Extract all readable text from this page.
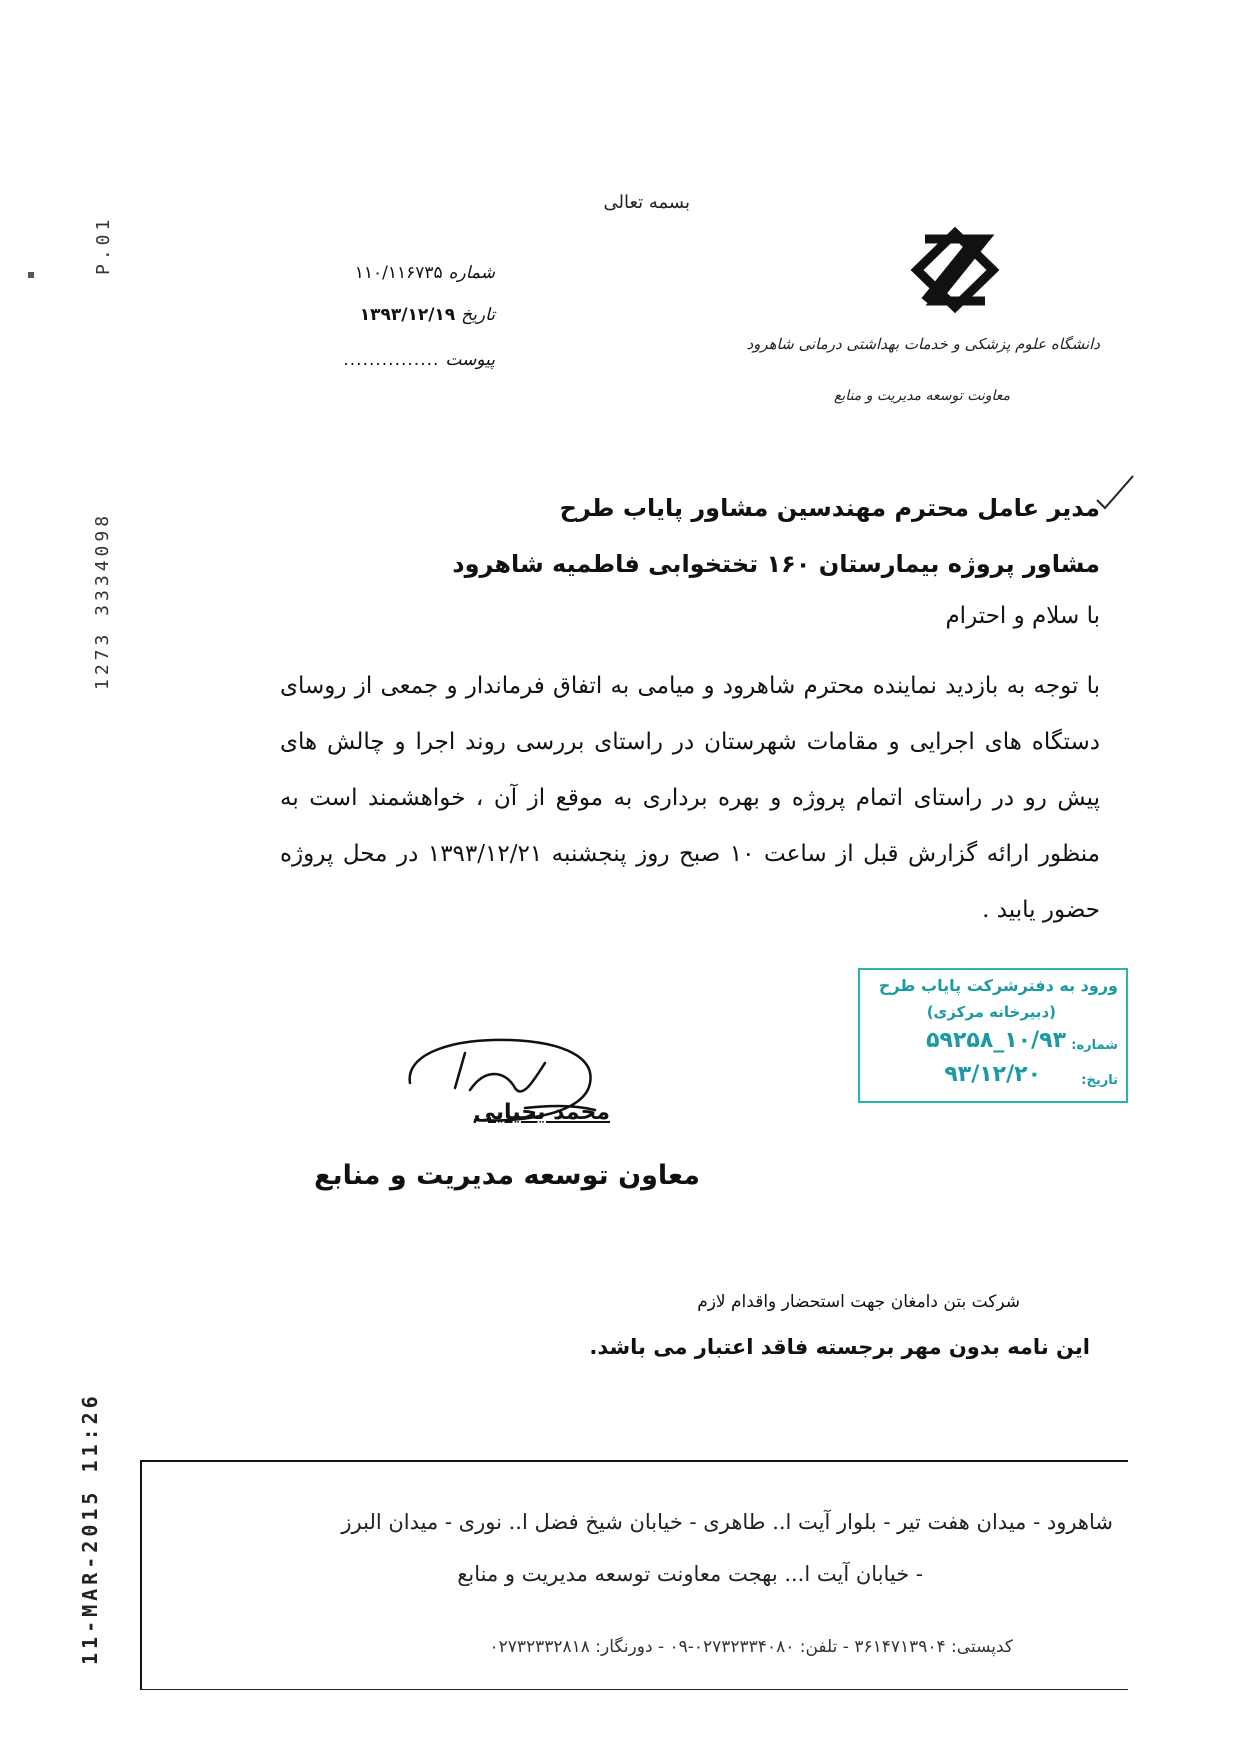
P.01
1273 3334098
11-MAR-2015 11:26
بسمه تعالی
دانشگاه علوم پزشکی و خدمات بهداشتی درمانی شاهرود
معاونت توسعه مدیریت و منابع
شماره
۱۱۰/۱۱۶۷۳۵
تاریخ
۱۳۹۳/۱۲/۱۹
پیوست
...............
مدیر عامل محترم مهندسین مشاور پایاب طرح
مشاور پروژه بیمارستان ۱۶۰ تختخوابی فاطمیه شاهرود
با سلام و احترام
با توجه به بازدید نماینده محترم شاهرود و میامی به اتفاق فرماندار و جمعی از روسای دستگاه های اجرایی و مقامات شهرستان در راستای بررسی روند اجرا و چالش های پیش رو در راستای اتمام پروژه و بهره برداری به موقع از آن ، خواهشمند است به منظور ارائه گزارش قبل از ساعت ۱۰ صبح روز پنجشنبه ۱۳۹۳/۱۲/۲۱ در محل پروژه حضور یابید .
ورود به دفترشرکت پایاب طرح
(دبیرخانه مرکزی)
شماره:
۱۰/۹۳_۵۹۲۵۸
تاریخ:
۹۳/۱۲/۲۰
محمد یحیایی
معاون توسعه مدیریت و منابع
شرکت بتن دامغان جهت استحضار واقدام لازم
این نامه بدون مهر برجسته فاقد اعتبار می باشد.
شاهرود - میدان هفت تیر - بلوار آیت ا.. طاهری - خیابان شیخ فضل ا.. نوری - میدان البرز
- خیابان آیت ا... بهجت معاونت توسعه مدیریت و منابع
کدپستی: ۳۶۱۴۷۱۳۹۰۴ - تلفن: ۰۲۷۳۲۳۳۴۰۸۰-۰۹ - دورنگار: ۰۲۷۳۲۳۳۲۸۱۸
